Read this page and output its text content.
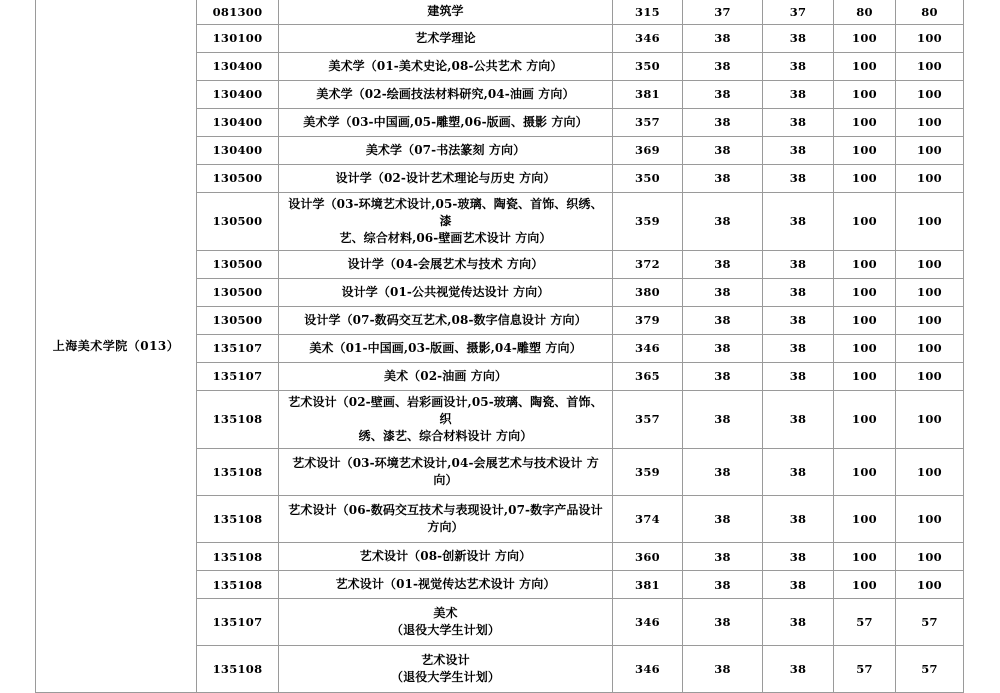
上海美术学院（013）	081300	建筑学	315	37	37	80	80
	130100	艺术学理论	346	38	38	100	100
	130400	美术学（01-美术史论,08-公共艺术 方向）	350	38	38	100	100
	130400	美术学（02-绘画技法材料研究,04-油画 方向）	381	38	38	100	100
	130400	美术学（03-中国画,05-雕塑,06-版画、摄影 方向）	357	38	38	100	100
	130400	美术学（07-书法篆刻 方向）	369	38	38	100	100
	130500	设计学（02-设计艺术理论与历史 方向）	350	38	38	100	100
	130500	设计学（03-环境艺术设计,05-玻璃、陶瓷、首饰、织绣、漆
艺、综合材料,06-壁画艺术设计 方向）	359	38	38	100	100
	130500	设计学（04-会展艺术与技术 方向）	372	38	38	100	100
	130500	设计学（01-公共视觉传达设计 方向）	380	38	38	100	100
	130500	设计学（07-数码交互艺术,08-数字信息设计 方向）	379	38	38	100	100
	135107	美术（01-中国画,03-版画、摄影,04-雕塑 方向）	346	38	38	100	100
	135107	美术（02-油画 方向）	365	38	38	100	100
	135108	艺术设计（02-壁画、岩彩画设计,05-玻璃、陶瓷、首饰、织
绣、漆艺、综合材料设计 方向）	357	38	38	100	100
	135108	艺术设计（03-环境艺术设计,04-会展艺术与技术设计 方
向）	359	38	38	100	100
	135108	艺术设计（06-数码交互技术与表现设计,07-数字产品设计
方向）	374	38	38	100	100
	135108	艺术设计（08-创新设计 方向）	360	38	38	100	100
	135108	艺术设计（01-视觉传达艺术设计 方向）	381	38	38	100	100
	135107	美术
（退役大学生计划）	346	38	38	57	57
	135108	艺术设计
（退役大学生计划）	346	38	38	57	57
